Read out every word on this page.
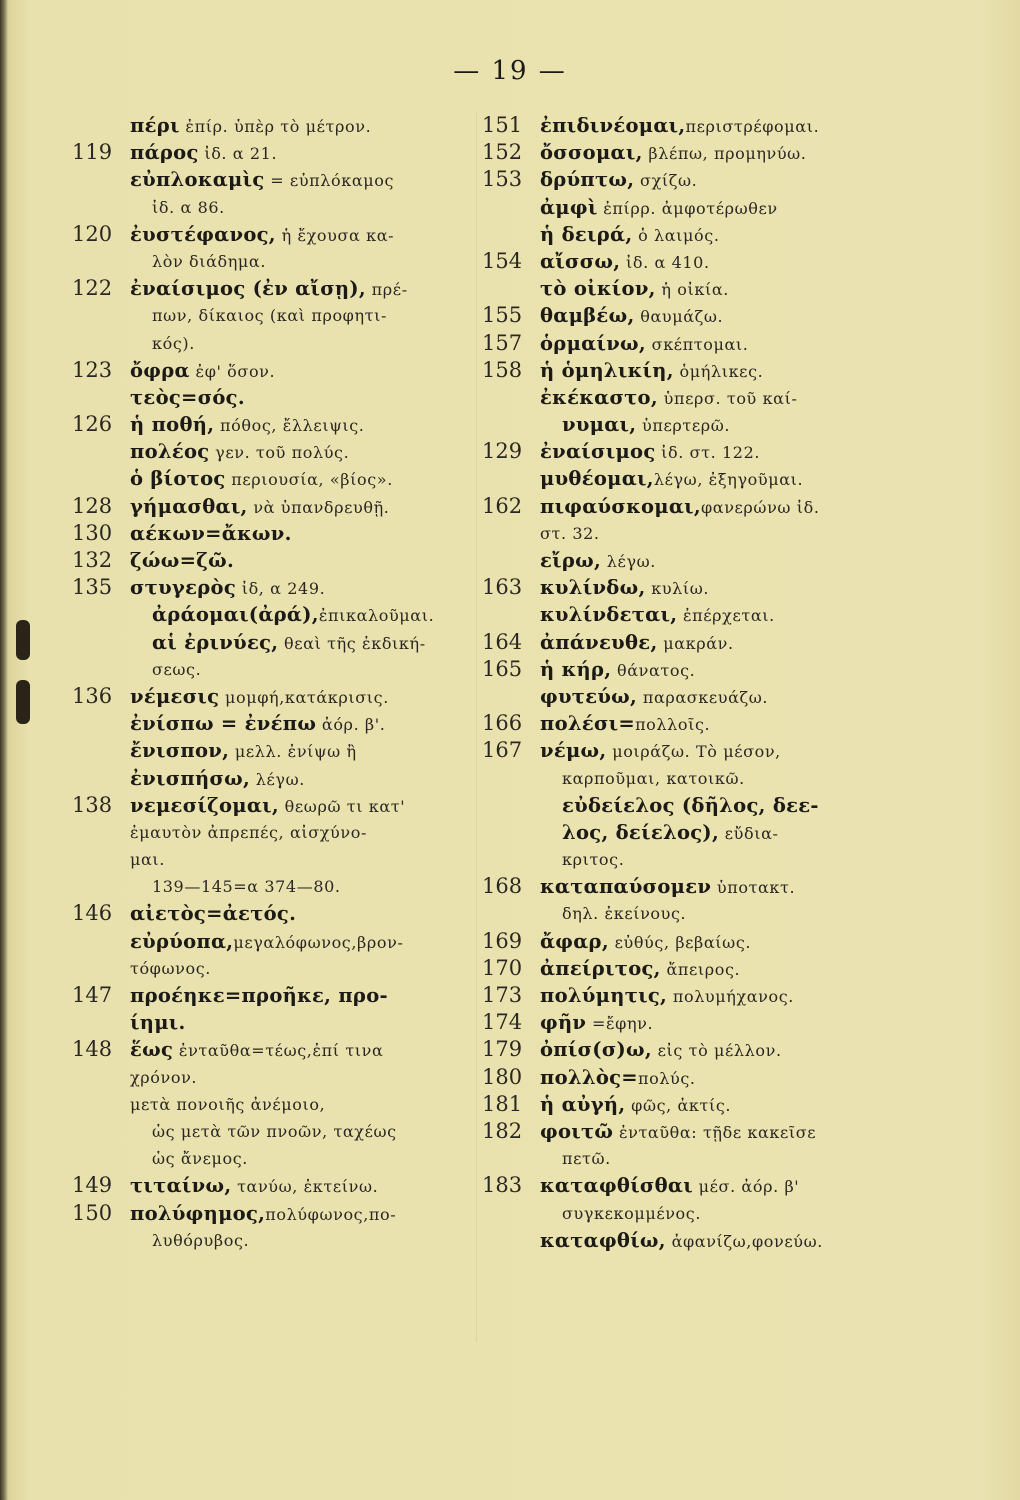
— 19 —
πέρι ἐπίρ. ὑπὲρ τὸ μέτρον.
119 πάρος ἰδ. α 21.
εὐπλοκαμὶς = εὐπλόκαμος
ἰδ. α 86.
120 ἐυστέφανος, ἡ ἔχουσα κα-
λὸν διάδημα.
122 ἐναίσιμος (ἐν αἴσῃ), πρέ-
πων, δίκαιος (καὶ προφητι-
κός).
123 ὄφρα ἐφ' ὅσον.
τεὸς=σός.
126 ἡ ποθή, πόθος, ἔλλειψις.
πολέος γεν. τοῦ πολύς.
ὁ βίοτος περιουσία, «βίος».
128 γήμασθαι, νὰ ὑπανδρευθῇ.
130 αέκων=ἄκων.
132 ζώω=ζῶ.
135 στυγερὸς ἰδ, α 249.
ἀράομαι(ἀρά),ἐπικαλοῦμαι.
αἱ ἐρινύες, θεαὶ τῆς ἐκδική-
σεως.
136 νέμεσις μομφή,κατάκρισις.
ἐνίσπω = ἐνέπω ἀόρ. β'.
ἔνισπον, μελλ. ἐνίψω ἢ
ἐνισπήσω, λέγω.
138 νεμεσίζομαι, θεωρῶ τι κατ'
ἐμαυτὸν ἀπρεπές, αἰσχύνο-
μαι.
139—145=α 374—80.
146 αἰετὸς=ἀετός.
εὐρύοπα,μεγαλόφωνος,βρον-
τόφωνος.
147 προέηκε=προῆκε, προ-
ίημι.
148 ἕως ἐνταῦθα=τέως,ἐπί τινα
χρόνον.
μετὰ πονοιῆς ἀνέμοιο,
ὡς μετὰ τῶν πνοῶν, ταχέως
ὡς ἄνεμος.
149 τιταίνω, τανύω, ἐκτείνω.
150 πολύφημος,πολύφωνος,πο-
λυθόρυβος.
151 ἐπιδινέομαι,περιστρέφομαι.
152 ὄσσομαι, βλέπω, προμηνύω.
153 δρύπτω, σχίζω.
ἀμφὶ ἐπίρρ. ἀμφοτέρωθεν
ἡ δειρά, ὁ λαιμός.
154 αἴσσω, ἰδ. α 410.
τὸ οἰκίον, ἡ οἰκία.
155 θαμβέω, θαυμάζω.
157 ὁρμαίνω, σκέπτομαι.
158 ἡ ὁμηλικίη, ὁμήλικες.
ἐκέκαστο, ὑπερσ. τοῦ καί-
νυμαι, ὑπερτερῶ.
129 ἐναίσιμος ἰδ. στ. 122.
μυθέομαι,λέγω, ἐξηγοῦμαι.
162 πιφαύσκομαι,φανερώνω ἰδ.
στ. 32.
εἴρω, λέγω.
163 κυλίνδω, κυλίω.
κυλίνδεται, ἐπέρχεται.
164 ἀπάνευθε, μακράν.
165 ἡ κήρ, θάνατος.
φυτεύω, παρασκευάζω.
166 πολέσι=πολλοῖς.
167 νέμω, μοιράζω. Τὸ μέσον,
καρποῦμαι, κατοικῶ.
εὐδείελος (δῆλος, δεε-
λος, δείελος), εὔδια-
κριτος.
168 καταπαύσομεν ὑποτακτ.
δηλ. ἐκείνους.
169 ἄφαρ, εὐθύς, βεβαίως.
170 ἀπείριτος, ἄπειρος.
173 πολύμητις, πολυμήχανος.
174 φῆν =ἔφην.
179 ὀπίσ(σ)ω, εἰς τὸ μέλλον.
180 πολλὸς=πολύς.
181 ἡ αὐγή, φῶς, ἀκτίς.
182 φοιτῶ ἐνταῦθα: τῇδε κακεῖσε
πετῶ.
183 καταφθίσθαι μέσ. ἀόρ. β'
συγκεκομμένος.
καταφθίω, ἀφανίζω,φονεύω.
